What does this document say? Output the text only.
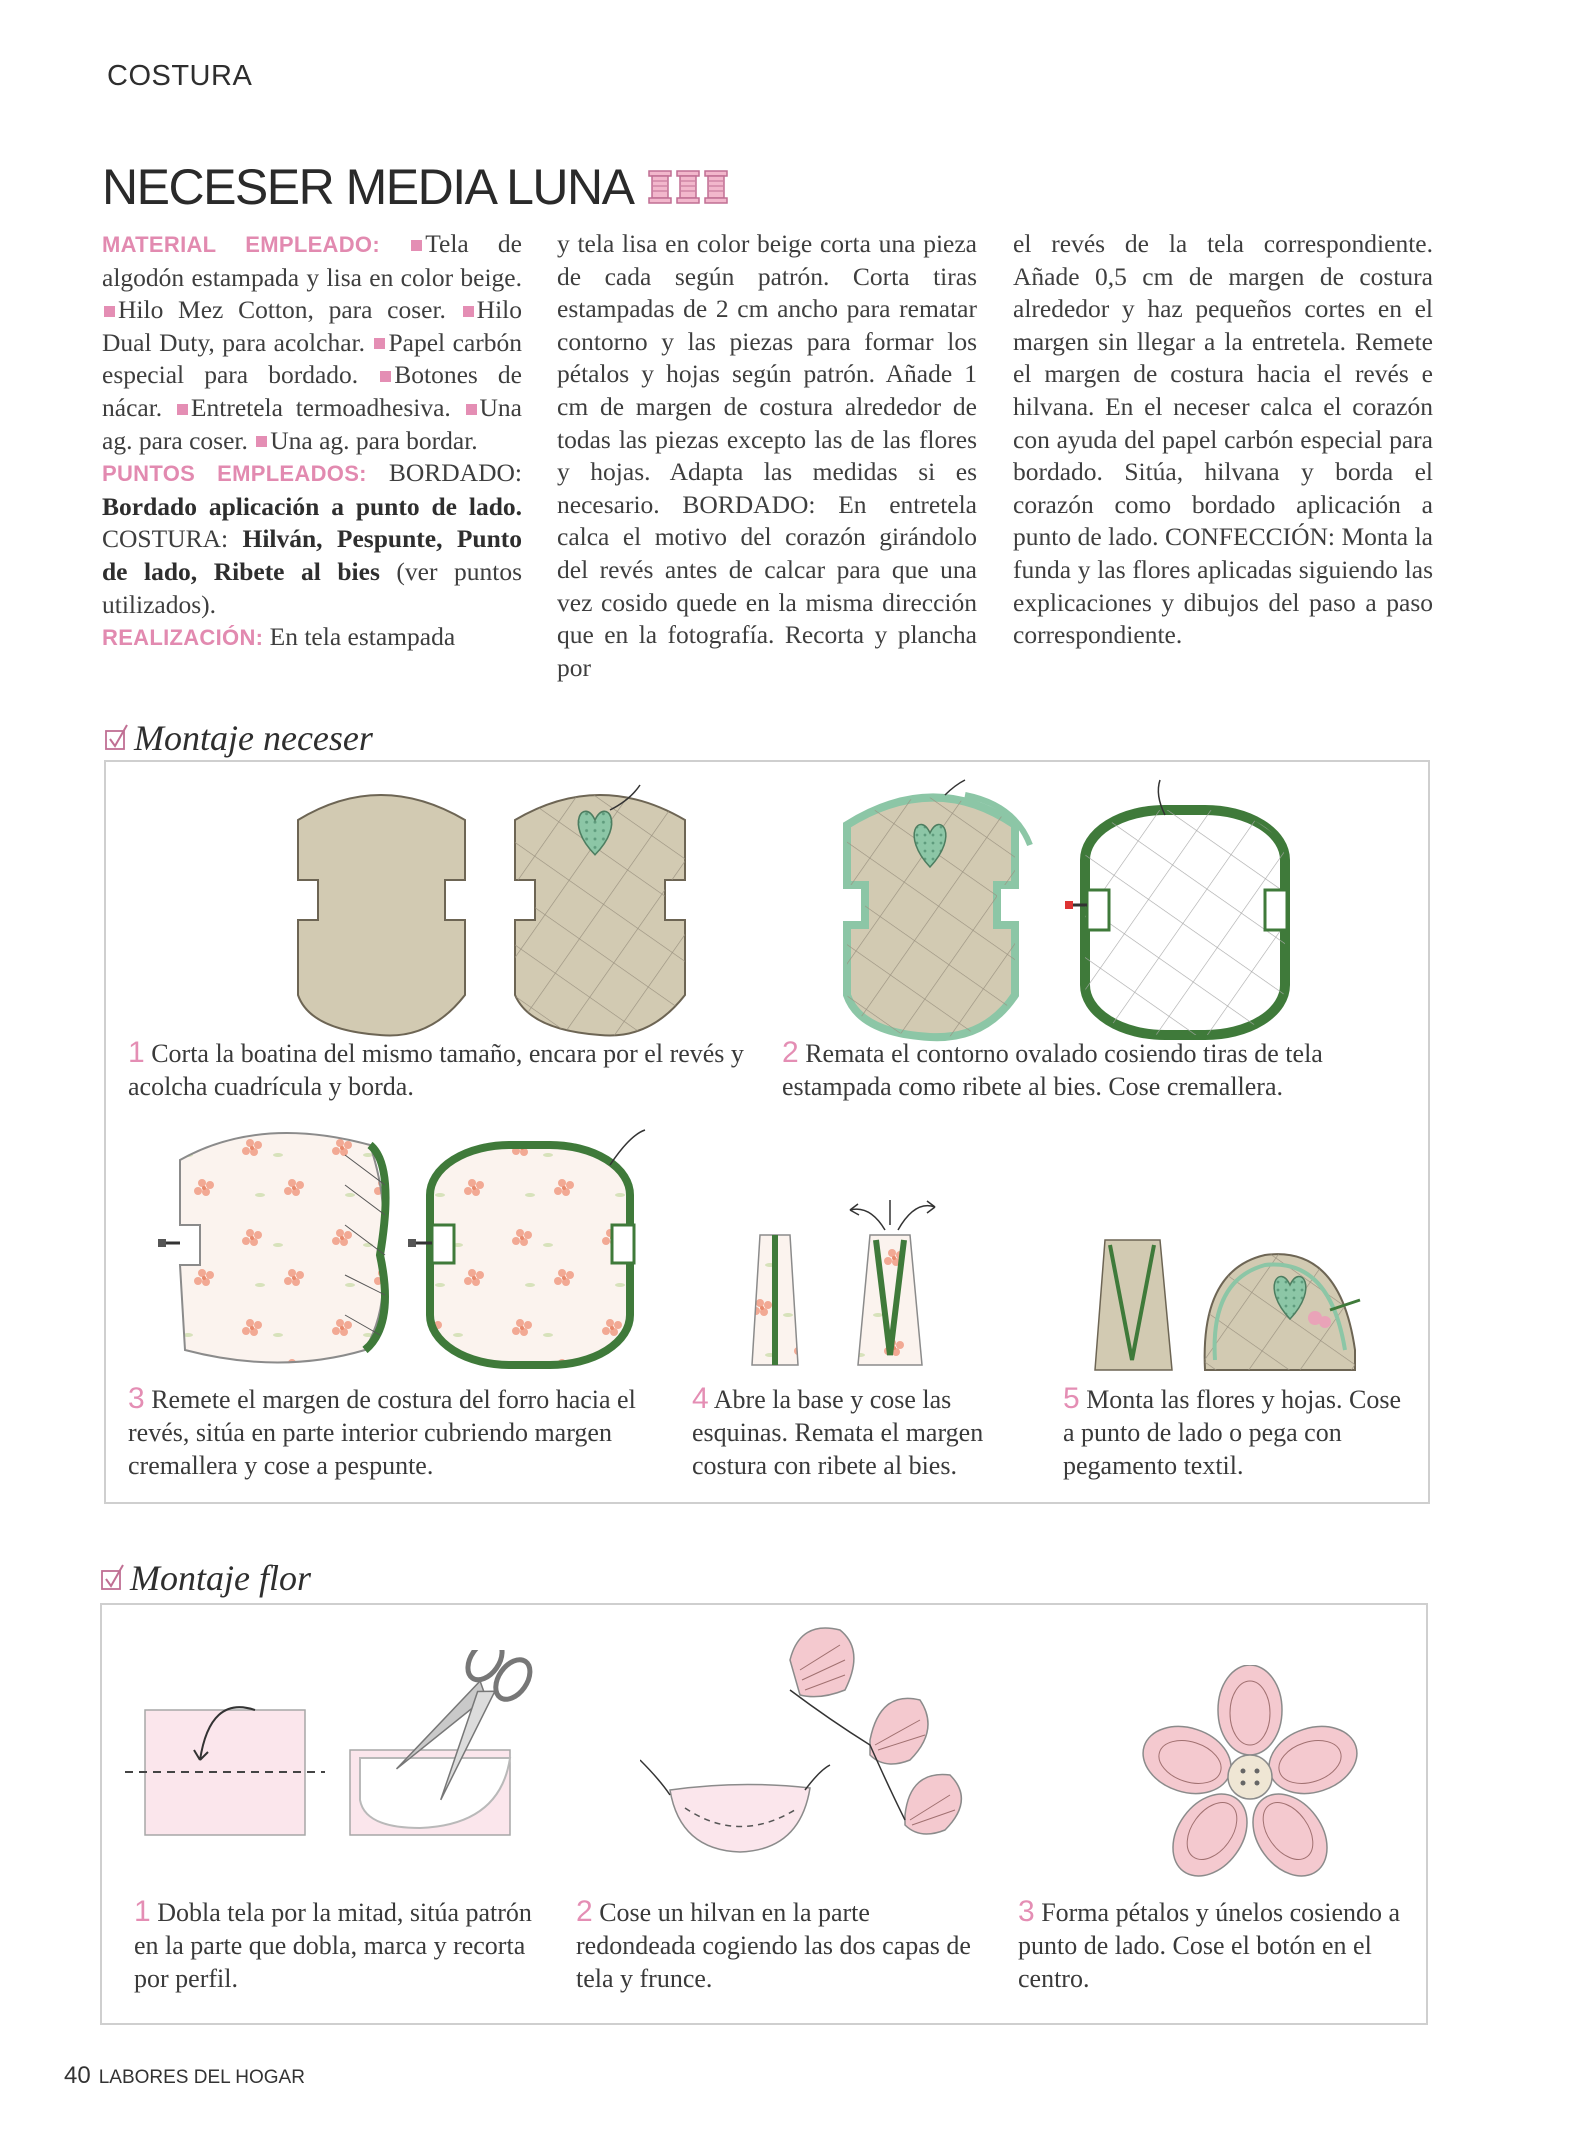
COSTURA
NECESER MEDIA LUNA
MATERIAL EMPLEADO: Tela de algodón estampada y lisa en color beige. Hilo Mez Cotton, para coser. Hilo Dual Duty, para acolchar. Papel carbón especial para bordado. Botones de nácar. Entretela termoadhesiva. Una ag. para coser. Una ag. para bordar.
PUNTOS EMPLEADOS: BORDADO: Bordado aplicación a punto de lado. COSTURA: Hilván, Pespunte, Punto de lado, Ribete al bies (ver puntos utilizados).
REALIZACIÓN: En tela estampada
y tela lisa en color beige corta una pieza de cada según patrón. Corta tiras estampadas de 2 cm ancho para rematar contorno y las piezas para formar los pétalos y hojas según patrón. Añade 1 cm de margen de costura alrededor de todas las piezas excepto las de las flores y hojas. Adapta las medidas si es necesario. BORDADO: En entretela calca el motivo del corazón girándolo del revés antes de calcar para que una vez cosido quede en la misma dirección que en la fotografía. Recorta y plancha por
el revés de la tela correspondiente. Añade 0,5 cm de margen de costura alrededor y haz pequeños cortes en el margen sin llegar a la entretela. Remete el margen de costura hacia el revés e hilvana. En el neceser calca el corazón con ayuda del papel carbón especial para bordado. Sitúa, hilvana y borda el corazón como bordado aplicación a punto de lado. CONFECCIÓN: Monta la funda y las flores aplicadas siguiendo las explicaciones y dibujos del paso a paso correspondiente.
Montaje neceser
1 Corta la boatina del mismo tamaño, encara por el revés y acolcha cuadrícula y borda.
2 Remata el contorno ovalado cosiendo tiras de tela estampada como ribete al bies. Cose cremallera.
3 Remete el margen de costura del forro hacia el revés, sitúa en parte interior cubriendo margen cremallera y cose a pespunte.
4 Abre la base y cose las esquinas. Remata el margen costura con ribete al bies.
5 Monta las flores y hojas. Cose a punto de lado o pega con pegamento textil.
Montaje flor
1 Dobla tela por la mitad, sitúa patrón en la parte que dobla, marca y recorta por perfil.
2 Cose un hilvan en la parte redondeada cogiendo las dos capas de tela y frunce.
3 Forma pétalos y únelos cosiendo a punto de lado. Cose el botón en el centro.
40 LABORES DEL HOGAR
